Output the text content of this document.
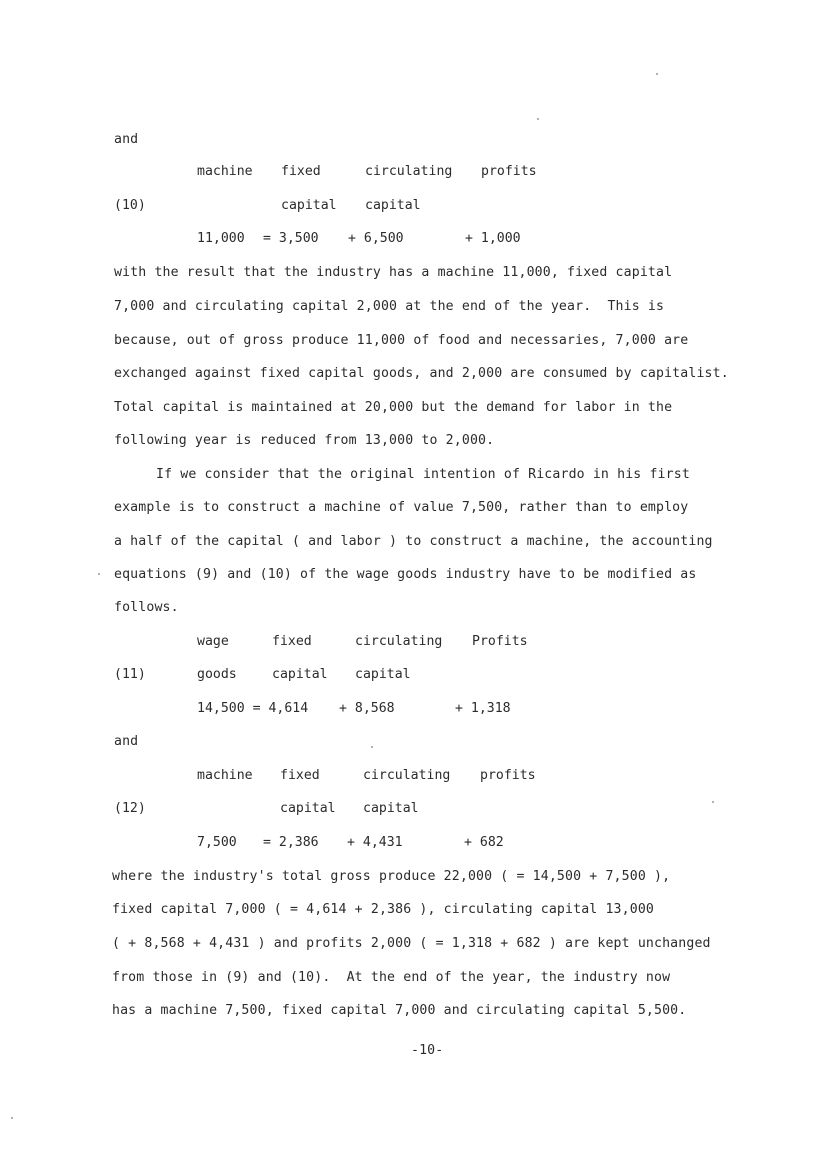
and
machine fixed	circulating profits
(10)	capital capital
11,000 = 3,500 + 6,500	+ 1,000
with the result that the industry has a machine 11,000, fixed capital
7,000 and circulating capital 2,000 at the end of the year.  This is
because, out of gross produce 11,000 of food and necessaries, 7,000 are
exchanged against fixed capital goods, and 2,000 are consumed by capitalist.
Total capital is maintained at 20,000 but the demand for labor in the
following year is reduced from 13,000 to 2,000.
If we consider that the original intention of Ricardo in his first
example is to construct a machine of value 7,500, rather than to employ
a half of the capital ( and labor ) to construct a machine, the accounting
equations (9) and (10) of the wage goods industry have to be modified as
follows.
wage	fixed	circulating Profits
(11)	goods	capital capital
14,500 = 4,614 + 8,568	+ 1,318
and
machine fixed	circulating profits
(12)	capital capital
7,500 = 2,386 + 4,431	+ 682
where the industry's total gross produce 22,000 ( = 14,500 + 7,500 ),
fixed capital 7,000 ( = 4,614 + 2,386 ), circulating capital 13,000
( + 8,568 + 4,431 ) and profits 2,000 ( = 1,318 + 682 ) are kept unchanged
from those in (9) and (10).  At the end of the year, the industry now
has a machine 7,500, fixed capital 7,000 and circulating capital 5,500.
-10-
